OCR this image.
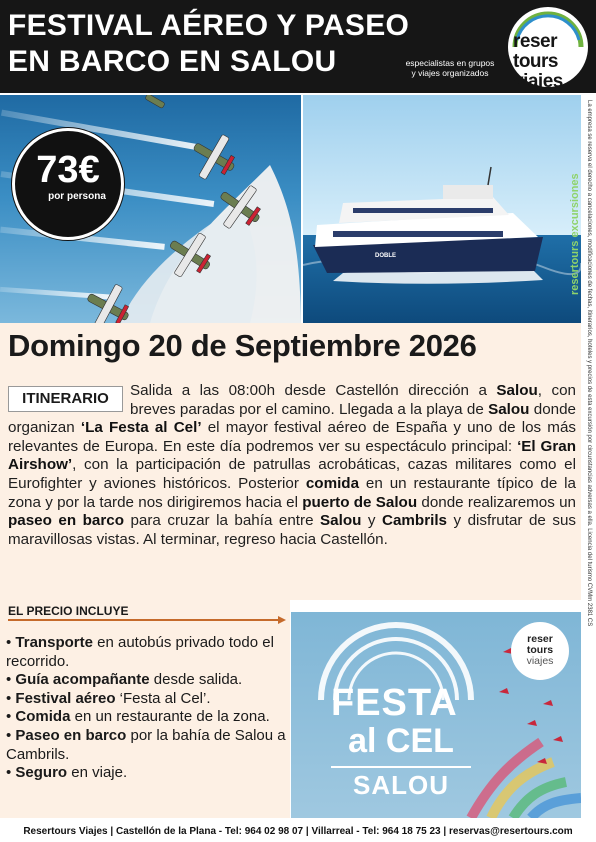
FESTIVAL AÉREO Y PASEO
EN BARCO EN SALOU	especialistas en grupos
y viajes organizados
reser
tours
viajes
73€
por persona
DOBLE	resertours excursiones La empresa se reserva el derecho a cancelaciones, modificaciones de fechas, itinerarios, hoteles y precios de esta excursión por circunstancias adversas a ella. Licencia del turismo CVMm 2381 CS
Domingo 20 de Septiembre 2026
Salida a las 08:00h desde Castellón dirección a Salou, con breves paradas por el camino. Llegada a la playa de Salou donde organizan ‘La Festa al Cel’ el mayor festival aéreo de España y uno de los más relevantes de Europa. En este día podremos ver su espectáculo principal: ‘El Gran Airshow’, con la participación de patrullas acrobáticas, cazas militares como el Eurofighter y aviones históricos. Posterior comida en un restaurante típico de la zona y por la tarde nos dirigiremos hacia el puerto de Salou donde realizaremos un paseo en barco para cruzar la bahía entre Salou y Cambrils y disfrutar de sus maravillosas vistas. Al terminar, regreso hacia Castellón.
ITINERARIO
EL PRECIO INCLUYE
• Transporte en autobús privado todo el recorrido.
• Guía acompañante desde salida.
• Festival aéreo ‘Festa al Cel’.
• Comida en un restaurante de la zona.
• Paseo en barco por la bahía de Salou a Cambrils.
• Seguro en viaje.
FESTA
al CEL
SALOU
reser
tours
viajes
Resertours Viajes | Castellón de la Plana - Tel: 964 02 98 07 | Villarreal - Tel: 964 18 75 23 | reservas@resertours.com
